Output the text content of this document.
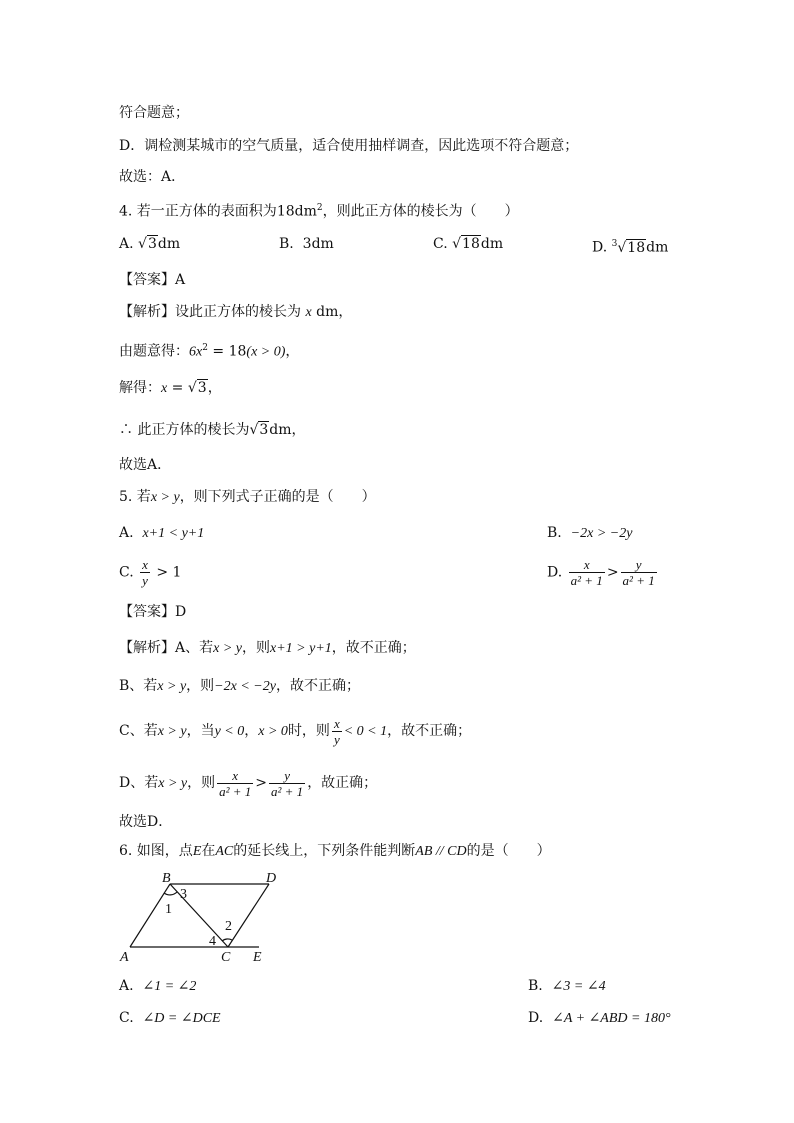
符合题意；
D．调检测某城市的空气质量，适合使用抽样调查，因此选项不符合题意；
故选：A．
4. 若一正方体的表面积为$18dm^2$，则此正方体的棱长为（　　）
A. √3dm	B. 3dm	C. √18dm	D. $^3$√18dm
【答案】A
【解析】设此正方体的棱长为 x dm，
由题意得：$6x^2 = 18(x > 0)$，
解得：x = √3，
∴ 此正方体的棱长为√3dm，
故选A．
5. 若x > y，则下列式子正确的是（　　）
A. x+1 < y+1	B. −2x > −2y
C. $\frac{x}{y} > 1$	D. $\frac{x}{\text{a² + 1}} > \frac{y}{\text{a² + 1}}$
【答案】D
【解析】A、若x > y，则x+1 > y+1，故不正确；
B、若x > y，则−2x < −2y，故不正确；
C、若x > y，当y < 0，x > 0时，则 $\frac{x}{y} < 0 < 1$，故不正确；
D、若x > y，则 $\frac{x}{\text{a² + 1}} > \frac{y}{\text{a² + 1}}$ ，故正确；
故选D．
6. 如图，点E在AC的延长线上，下列条件能判断AB // CD的是（　　）
B	D
A	C E
1
3
2
4
A. ∠1 = ∠2	B. ∠3 = ∠4
C. ∠D = ∠DCE	D. ∠A + ∠ABD = 180°
